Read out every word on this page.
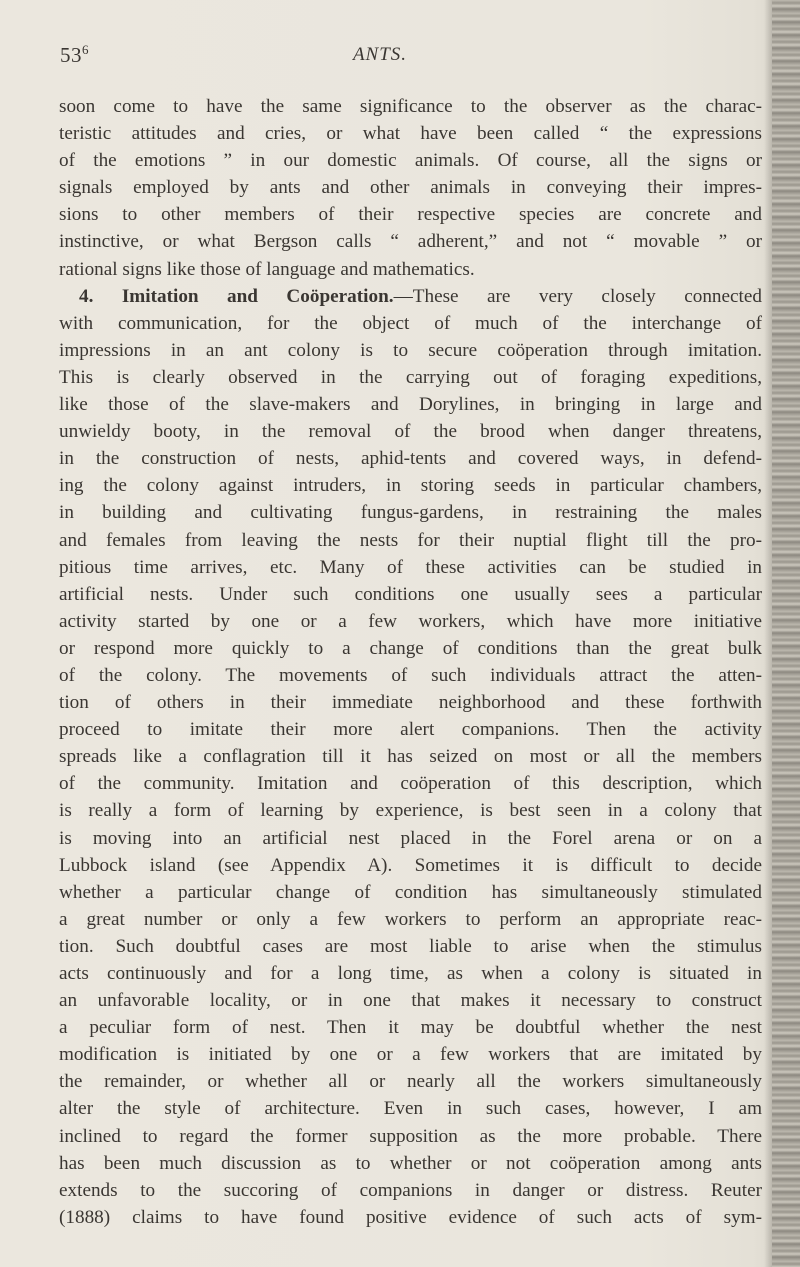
$53^6$	ANTS.
soon come to have the same significance to the observer as the charac-
teristic attitudes and cries, or what have been called “ the expressions
of the emotions ” in our domestic animals. Of course, all the signs or
signals employed by ants and other animals in conveying their impres-
sions to other members of their respective species are concrete and
instinctive, or what Bergson calls “ adherent,” and not “ movable ” or
rational signs like those of language and mathematics.
4. Imitation and Coöperation.—These are very closely connected
with communication, for the object of much of the interchange of
impressions in an ant colony is to secure coöperation through imitation.
This is clearly observed in the carrying out of foraging expeditions,
like those of the slave-makers and Dorylines, in bringing in large and
unwieldy booty, in the removal of the brood when danger threatens,
in the construction of nests, aphid-tents and covered ways, in defend-
ing the colony against intruders, in storing seeds in particular chambers,
in building and cultivating fungus-gardens, in restraining the males
and females from leaving the nests for their nuptial flight till the pro-
pitious time arrives, etc. Many of these activities can be studied in
artificial nests. Under such conditions one usually sees a particular
activity started by one or a few workers, which have more initiative
or respond more quickly to a change of conditions than the great bulk
of the colony. The movements of such individuals attract the atten-
tion of others in their immediate neighborhood and these forthwith
proceed to imitate their more alert companions. Then the activity
spreads like a conflagration till it has seized on most or all the members
of the community. Imitation and coöperation of this description, which
is really a form of learning by experience, is best seen in a colony that
is moving into an artificial nest placed in the Forel arena or on a
Lubbock island (see Appendix A). Sometimes it is difficult to decide
whether a particular change of condition has simultaneously stimulated
a great number or only a few workers to perform an appropriate reac-
tion. Such doubtful cases are most liable to arise when the stimulus
acts continuously and for a long time, as when a colony is situated in
an unfavorable locality, or in one that makes it necessary to construct
a peculiar form of nest. Then it may be doubtful whether the nest
modification is initiated by one or a few workers that are imitated by
the remainder, or whether all or nearly all the workers simultaneously
alter the style of architecture. Even in such cases, however, I am
inclined to regard the former supposition as the more probable. There
has been much discussion as to whether or not coöperation among ants
extends to the succoring of companions in danger or distress. Reuter
(1888) claims to have found positive evidence of such acts of sym-
